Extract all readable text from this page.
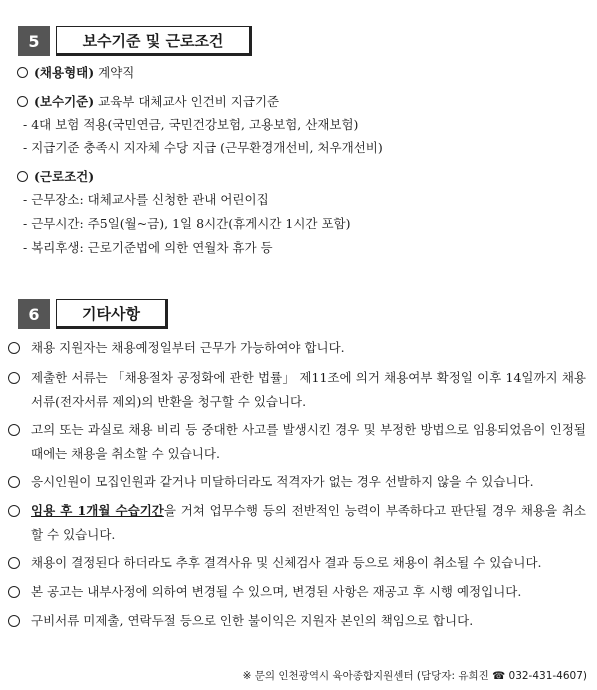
5	보수기준 및 근로조건
(채용형태) 계약직
(보수기준) 교육부 대체교사 인건비 지급기준
- 4대 보험 적용(국민연금, 국민건강보험, 고용보험, 산재보험)
- 지급기준 충족시 지자체 수당 지급 (근무환경개선비, 처우개선비)
(근로조건)
- 근무장소: 대체교사를 신청한 관내 어린이집
- 근무시간: 주5일(월~금), 1일 8시간(휴게시간 1시간 포함)
- 복리후생: 근로기준법에 의한 연월차 휴가 등
6	기타사항
채용 지원자는 채용예정일부터 근무가 가능하여야 합니다.
제출한 서류는 「채용절차 공정화에 관한 법률」 제11조에 의거 채용여부 확정일 이후 14일까지 채용서류(전자서류 제외)의 반환을 청구할 수 있습니다.
고의 또는 과실로 채용 비리 등 중대한 사고를 발생시킨 경우 및 부정한 방법으로 임용되었음이 인정될 때에는 채용을 취소할 수 있습니다.
응시인원이 모집인원과 같거나 미달하더라도 적격자가 없는 경우 선발하지 않을 수 있습니다.
임용 후 1개월 수습기간을 거쳐 업무수행 등의 전반적인 능력이 부족하다고 판단될 경우 채용을 취소할 수 있습니다.
채용이 결정된다 하더라도 추후 결격사유 및 신체검사 결과 등으로 채용이 취소될 수 있습니다.
본 공고는 내부사정에 의하여 변경될 수 있으며, 변경된 사항은 재공고 후 시행 예정입니다.
구비서류 미제출, 연락두절 등으로 인한 불이익은 지원자 본인의 책임으로 합니다.
※ 문의 인천광역시 육아종합지원센터 (담당자: 유희진 ☎ 032-431-4607)
